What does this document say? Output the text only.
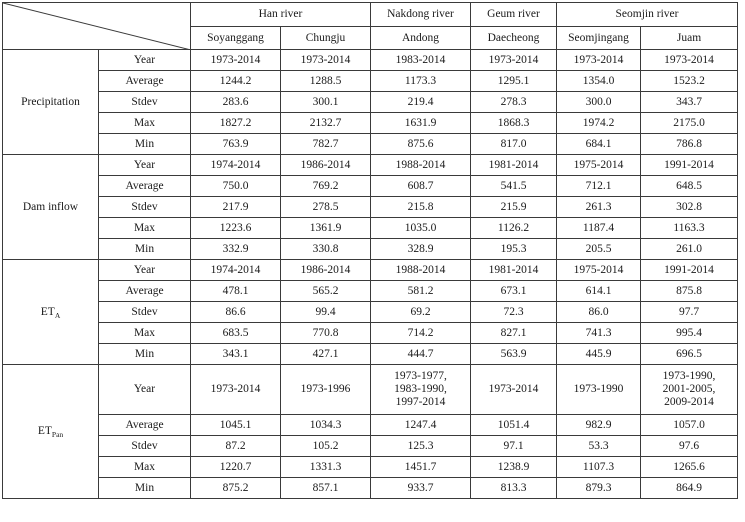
	Han river		Nakdong river	Geum river	Seomjin river	
		Soyanggang	Chungju	Andong	Daecheong	Seomjingang	Juam
Precipitation	Year	1973-2014	1973-2014	1983-2014	1973-2014	1973-2014	1973-2014
	Average	1244.2	1288.5	1173.3	1295.1	1354.0	1523.2
	Stdev	283.6	300.1	219.4	278.3	300.0	343.7
	Max	1827.2	2132.7	1631.9	1868.3	1974.2	2175.0
	Min	763.9	782.7	875.6	817.0	684.1	786.8
Dam inflow	Year	1974-2014	1986-2014	1988-2014	1981-2014	1975-2014	1991-2014
	Average	750.0	769.2	608.7	541.5	712.1	648.5
	Stdev	217.9	278.5	215.8	215.9	261.3	302.8
	Max	1223.6	1361.9	1035.0	1126.2	1187.4	1163.3
	Min	332.9	330.8	328.9	195.3	205.5	261.0
$ET_A$	Year	1974-2014	1986-2014	1988-2014	1981-2014	1975-2014	1991-2014
	Average	478.1	565.2	581.2	673.1	614.1	875.8
	Stdev	86.6	99.4	69.2	72.3	86.0	97.7
	Max	683.5	770.8	714.2	827.1	741.3	995.4
	Min	343.1	427.1	444.7	563.9	445.9	696.5
$ET_{Pan}$	Year	1973-2014	1973-1996	1973-1977,
1983-1990,
1997-2014	1973-2014	1973-1990	1973-1990,
2001-2005,
2009-2014
	Average	1045.1	1034.3	1247.4	1051.4	982.9	1057.0
	Stdev	87.2	105.2	125.3	97.1	53.3	97.6
	Max	1220.7	1331.3	1451.7	1238.9	1107.3	1265.6
	Min	875.2	857.1	933.7	813.3	879.3	864.9
